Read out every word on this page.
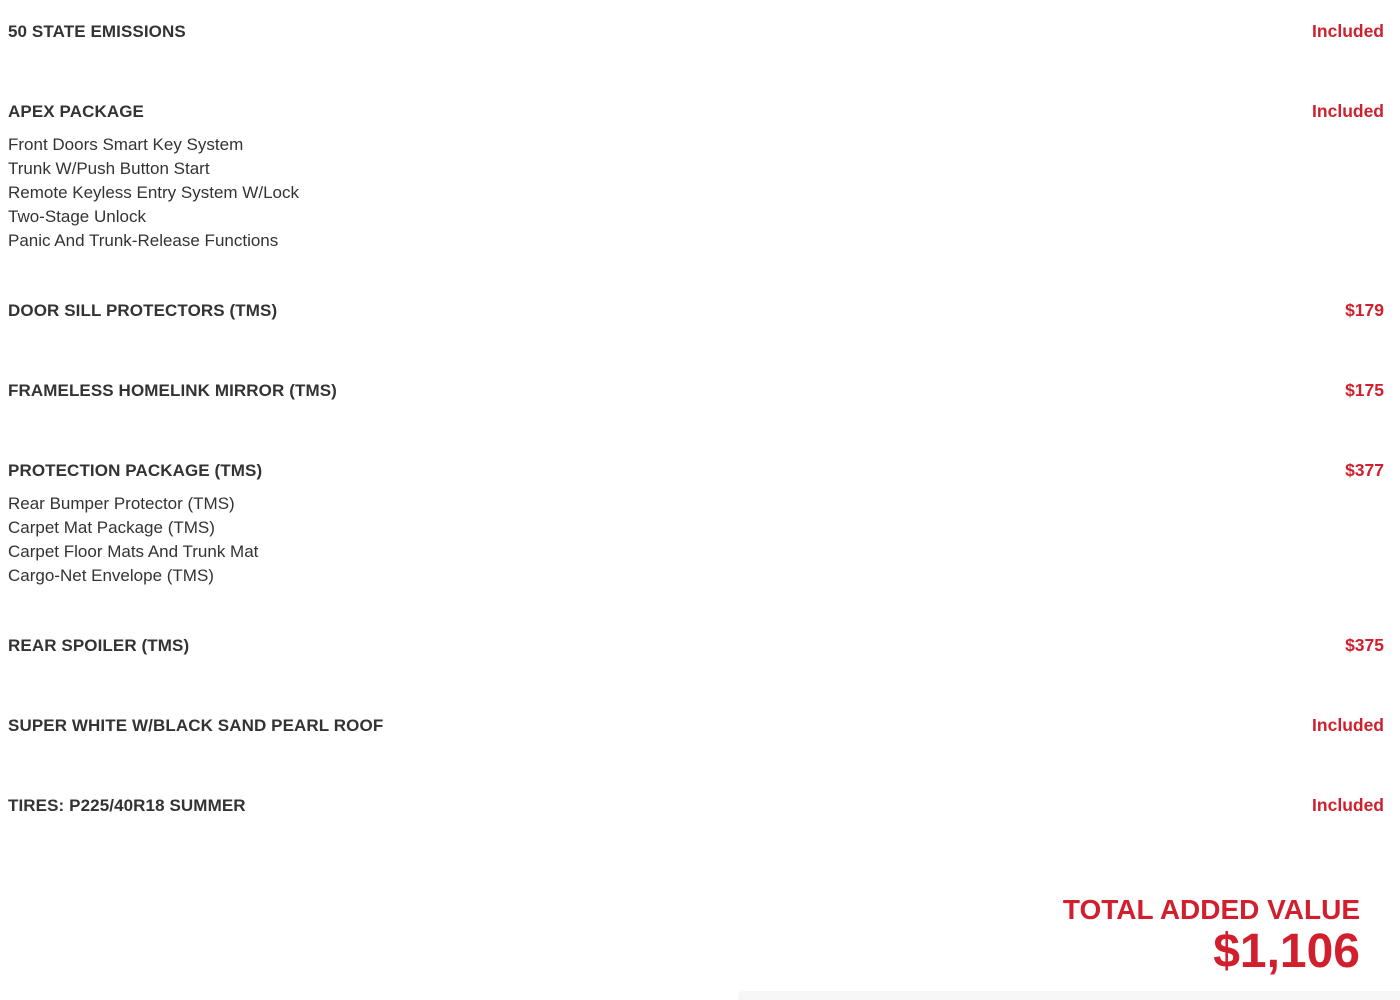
50 STATE EMISSIONS	Included
APEX PACKAGE	Included
Front Doors Smart Key System
Trunk W/Push Button Start
Remote Keyless Entry System W/Lock
Two-Stage Unlock
Panic And Trunk-Release Functions
DOOR SILL PROTECTORS (TMS)	$179
FRAMELESS HOMELINK MIRROR (TMS)	$175
PROTECTION PACKAGE (TMS)	$377
Rear Bumper Protector (TMS)
Carpet Mat Package (TMS)
Carpet Floor Mats And Trunk Mat
Cargo-Net Envelope (TMS)
REAR SPOILER (TMS)	$375
SUPER WHITE W/BLACK SAND PEARL ROOF	Included
TIRES: P225/40R18 SUMMER	Included
TOTAL ADDED VALUE
$1,106
